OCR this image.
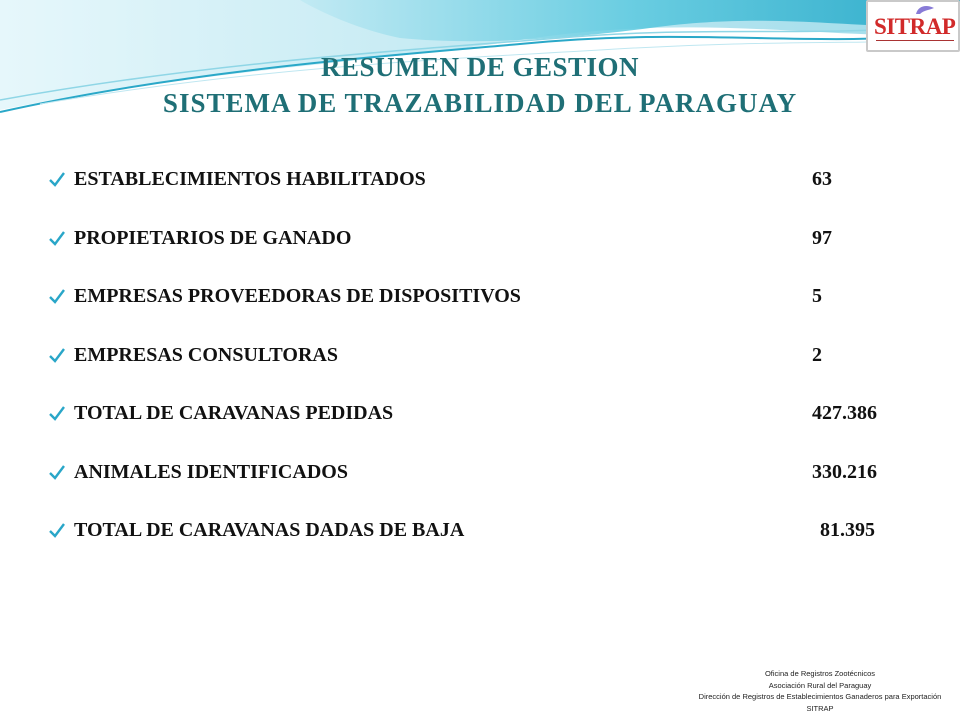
SITRAP
RESUMEN DE GESTION
SISTEMA DE TRAZABILIDAD DEL PARAGUAY
ESTABLECIMIENTOS HABILITADOS	63
PROPIETARIOS DE GANADO	97
EMPRESAS PROVEEDORAS DE DISPOSITIVOS	5
EMPRESAS CONSULTORAS	2
TOTAL DE CARAVANAS PEDIDAS	427.386
ANIMALES IDENTIFICADOS	330.216
TOTAL DE CARAVANAS DADAS DE BAJA	81.395
Oficina de Registros Zootécnicos
Asociación Rural del Paraguay
Dirección de Registros de Establecimientos Ganaderos para Exportación
SITRAP
